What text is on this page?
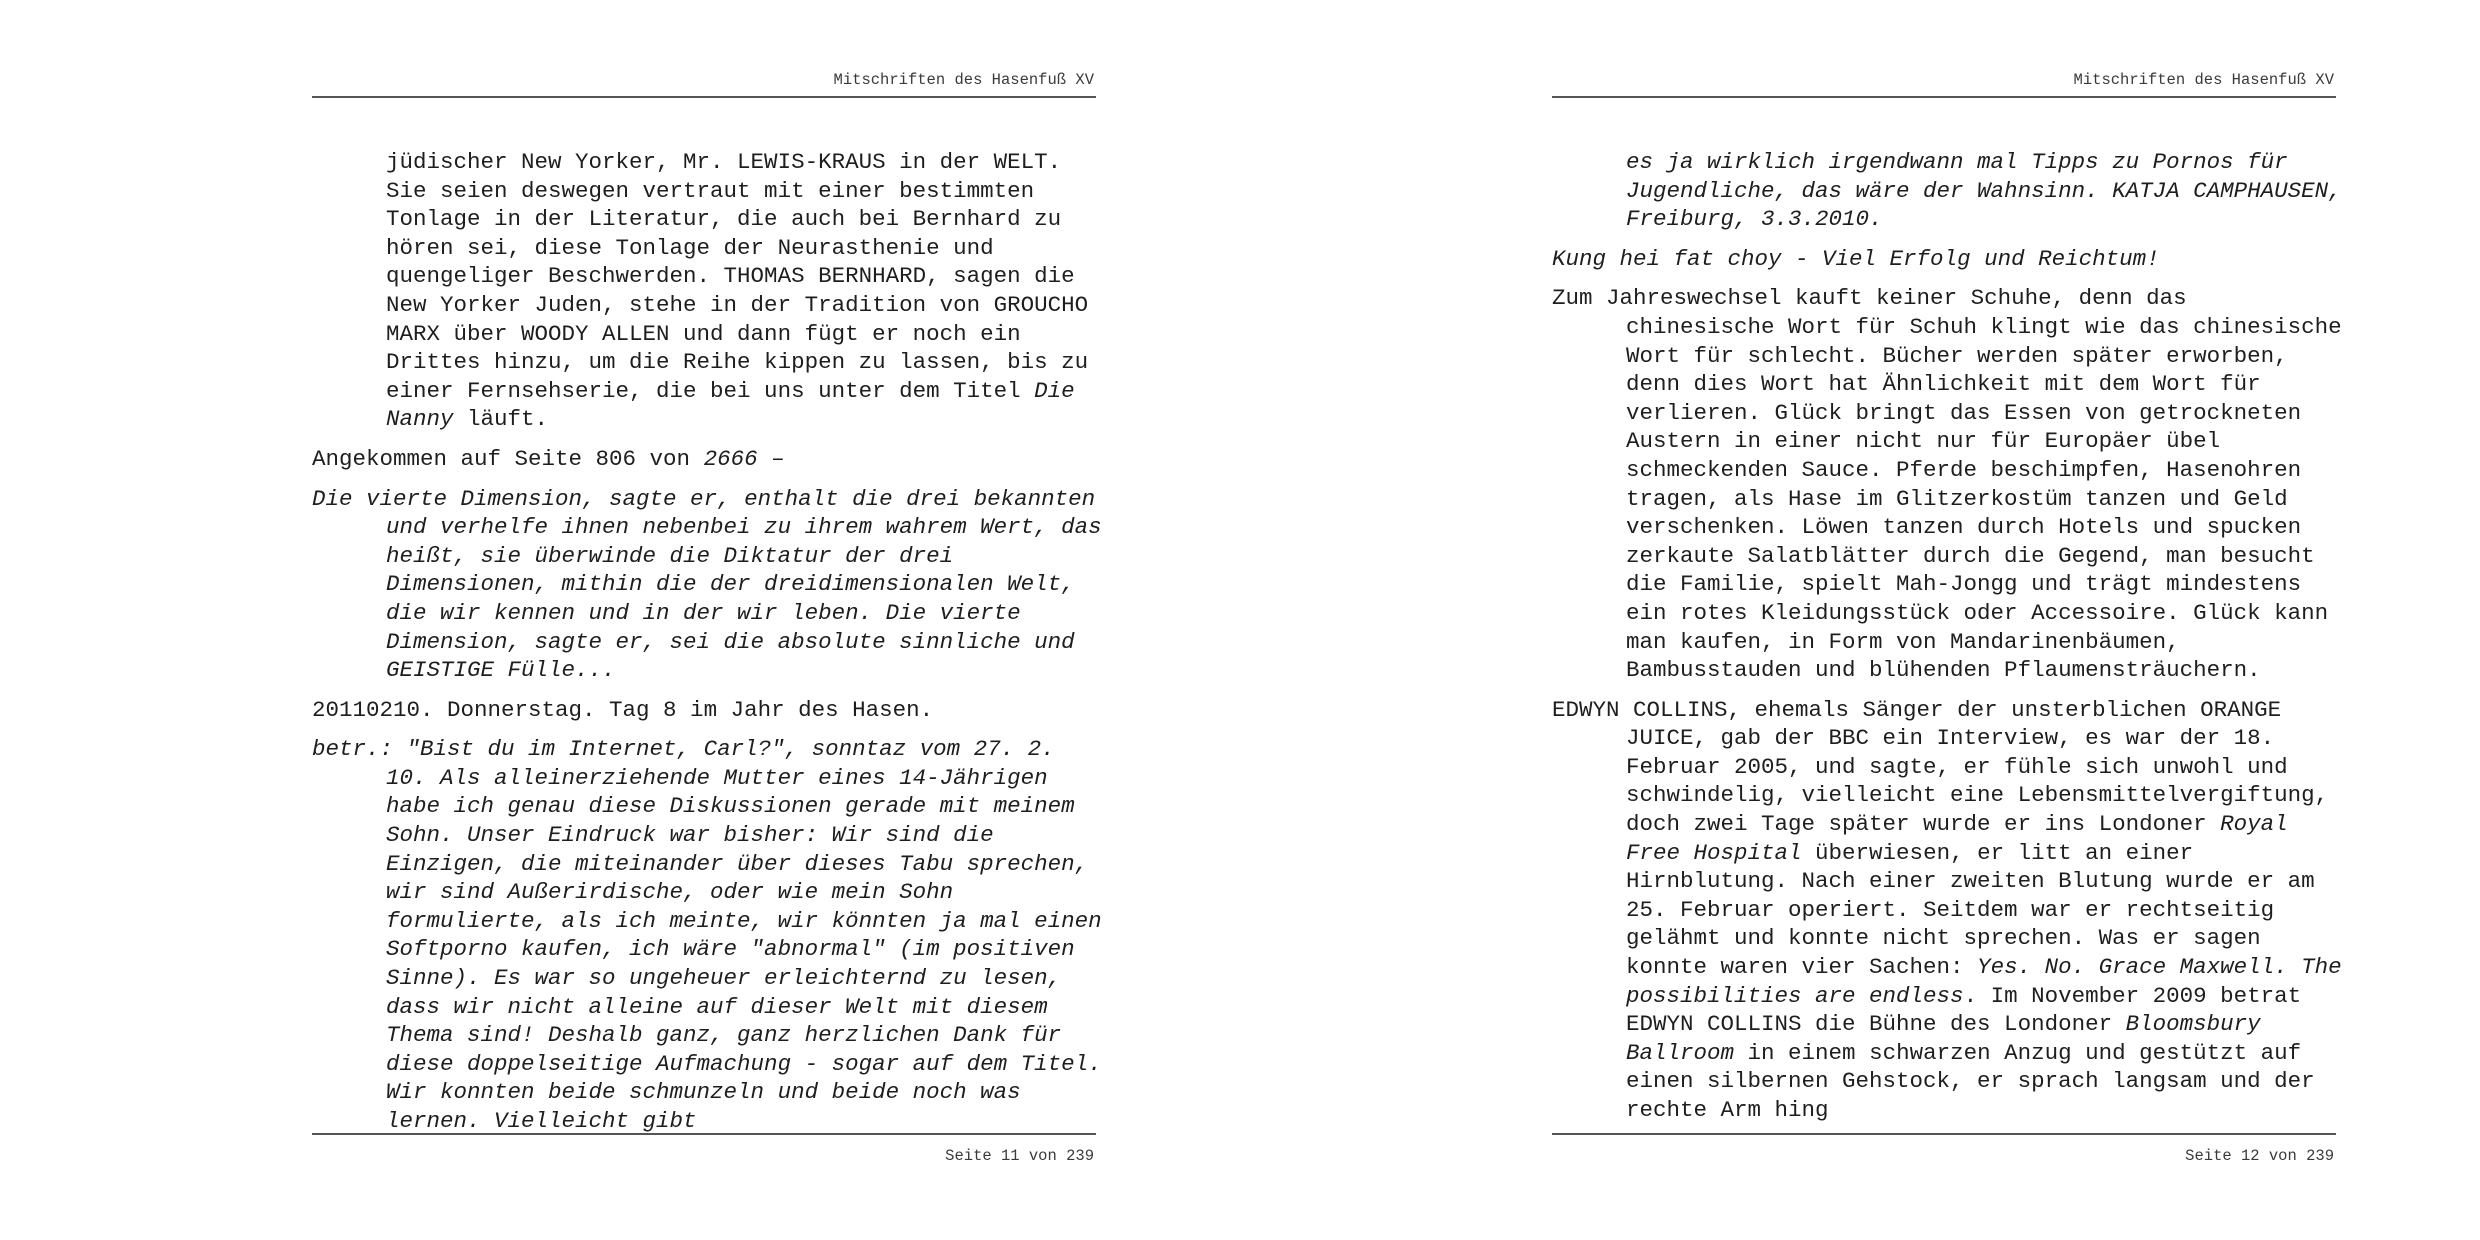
Mitschriften des Hasenfuß XV

jüdischer New Yorker, Mr. LEWIS-KRAUS in der WELT. Sie seien deswegen vertraut mit einer bestimmten Tonlage in der Literatur, die auch bei Bernhard zu hören sei, diese Tonlage der Neurasthenie und quengeliger Beschwerden. THOMAS BERNHARD, sagen die New Yorker Juden, stehe in der Tradition von GROUCHO MARX über WOODY ALLEN und dann fügt er noch ein Drittes hinzu, um die Reihe kippen zu lassen, bis zu einer Fernsehserie, die bei uns unter dem Titel Die Nanny läuft.

Angekommen auf Seite 806 von 2666 –

Die vierte Dimension, sagte er, enthalt die drei bekannten und verhelfe ihnen nebenbei zu ihrem wahrem Wert, das heißt, sie überwinde die Diktatur der drei Dimensionen, mithin die der dreidimensionalen Welt, die wir kennen und in der wir leben. Die vierte Dimension, sagte er, sei die absolute sinnliche und GEISTIGE Fülle...

20110210. Donnerstag. Tag 8 im Jahr des Hasen.

betr.: "Bist du im Internet, Carl?", sonntaz vom 27. 2. 10. Als alleinerziehende Mutter eines 14-Jährigen habe ich genau diese Diskussionen gerade mit meinem Sohn. Unser Eindruck war bisher: Wir sind die Einzigen, die miteinander über dieses Tabu sprechen, wir sind Außerirdische, oder wie mein Sohn formulierte, als ich meinte, wir könnten ja mal einen Softporno kaufen, ich wäre "abnormal" (im positiven Sinne). Es war so ungeheuer erleichternd zu lesen, dass wir nicht alleine auf dieser Welt mit diesem Thema sind! Deshalb ganz, ganz herzlichen Dank für diese doppelseitige Aufmachung - sogar auf dem Titel. Wir konnten beide schmunzeln und beide noch was lernen. Vielleicht gibt

Seite 11 von 239
Mitschriften des Hasenfuß XV

es ja wirklich irgendwann mal Tipps zu Pornos für Jugendliche, das wäre der Wahnsinn. KATJA CAMPHAUSEN, Freiburg, 3.3.2010.

Kung hei fat choy - Viel Erfolg und Reichtum!

Zum Jahreswechsel kauft keiner Schuhe, denn das chinesische Wort für Schuh klingt wie das chinesische Wort für schlecht. Bücher werden später erworben, denn dies Wort hat Ähnlichkeit mit dem Wort für verlieren. Glück bringt das Essen von getrockneten Austern in einer nicht nur für Europäer übel schmeckenden Sauce. Pferde beschimpfen, Hasenohren tragen, als Hase im Glitzerkostüm tanzen und Geld verschenken. Löwen tanzen durch Hotels und spucken zerkaute Salatblätter durch die Gegend, man besucht die Familie, spielt Mah-Jongg und trägt mindestens ein rotes Kleidungsstück oder Accessoire. Glück kann man kaufen, in Form von Mandarinenbäumen, Bambusstauden und blühenden Pflaumensträuchern.

EDWYN COLLINS, ehemals Sänger der unsterblichen ORANGE JUICE, gab der BBC ein Interview, es war der 18. Februar 2005, und sagte, er fühle sich unwohl und schwindelig, vielleicht eine Lebensmittelvergiftung, doch zwei Tage später wurde er ins Londoner Royal Free Hospital überwiesen, er litt an einer Hirnblutung. Nach einer zweiten Blutung wurde er am 25. Februar operiert. Seitdem war er rechtseitig gelähmt und konnte nicht sprechen. Was er sagen konnte waren vier Sachen: Yes. No. Grace Maxwell. The possibilities are endless. Im November 2009 betrat EDWYN COLLINS die Bühne des Londoner Bloomsbury Ballroom in einem schwarzen Anzug und gestützt auf einen silbernen Gehstock, er sprach langsam und der rechte Arm hing

Seite 12 von 239
